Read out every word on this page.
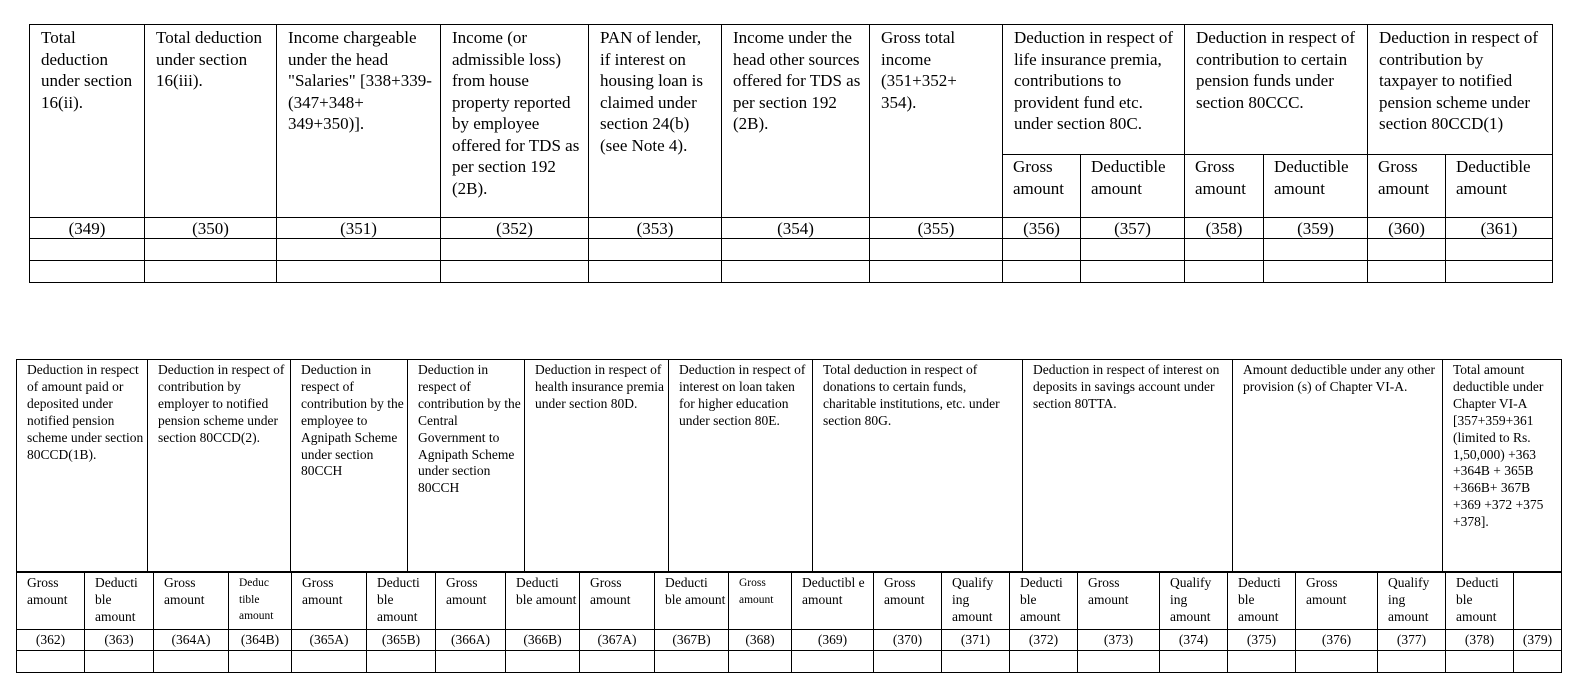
Total deduction under section 16(ii).	Total deduction under section 16(iii).	Income chargeable under the head "Salaries" [338+339-(347+348+ 349+350)].	Income (or admissible loss) from house property reported by employee offered for TDS as per section 192 (2B).	PAN of lender, if interest on housing loan is claimed under section 24(b) (see Note 4).	Income under the head other sources offered for TDS as per section 192 (2B).	Gross total income (351+352+ 354).	Deduction in respect of life insurance premia, contributions to provident fund etc. under section 80C.		Deduction in respect of contribution to certain pension funds under section 80CCC.		Deduction in respect of contribution by taxpayer to notified pension scheme under section 80CCD(1)	
							Gross amount	Deductible amount	Gross amount	Deductible amount	Gross amount	Deductible amount
(349)	(350)	(351)	(352)	(353)	(354)	(355)	(356)	(357)	(358)	(359)	(360)	(361)

Deduction in respect of amount paid or deposited under notified pension scheme under section 80CCD(1B).	Deduction in respect of contribution by employer to notified pension scheme under section 80CCD(2).	Deduction in respect of contribution by the employee to Agnipath Scheme under section 80CCH	Deduction in respect of contribution by the Central Government to Agnipath Scheme under section 80CCH	Deduction in respect of health insurance premia under section 80D.	Deduction in respect of interest on loan taken for higher education under section 80E.	Total deduction in respect of donations to certain funds, charitable institutions, etc. under section 80G.	Deduction in respect of interest on deposits in savings account under section 80TTA.	Amount deductible under any other provision (s) of Chapter VI-A.	Total amount deductible under Chapter VI-A [357+359+361 (limited to Rs. 1,50,000) +363 +364B + 365B +366B+ 367B +369 +372 +375 +378].
Gross amount	Deducti ble amount	Gross amount	Deduc tible amount	Gross amount	Deducti ble amount	Gross amount	Deducti ble amount	Gross amount	Deducti ble amount	Gross amount	Deductibl e amount	Gross amount	Qualify ing amount	Deducti ble amount	Gross amount	Qualify ing amount	Deducti ble amount	Gross amount	Qualify ing amount	Deducti ble amount	
(362)	(363)	(364A)	(364B)	(365A)	(365B)	(366A)	(366B)	(367A)	(367B)	(368)	(369)	(370)	(371)	(372)	(373)	(374)	(375)	(376)	(377)	(378)	(379)
